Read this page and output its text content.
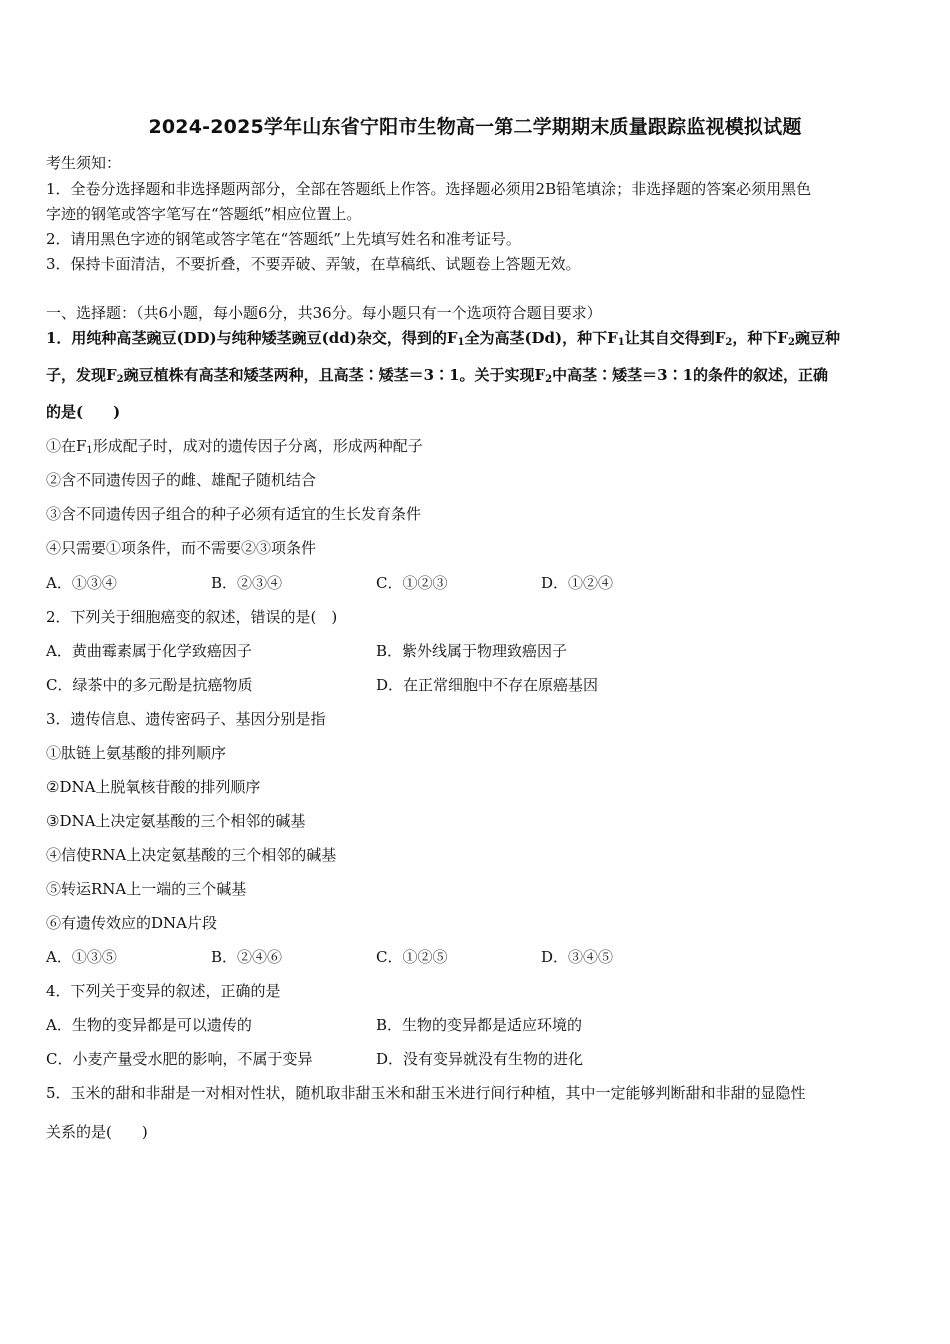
2024-2025学年山东省宁阳市生物高一第二学期期末质量跟踪监视模拟试题
考生须知：
1．全卷分选择题和非选择题两部分，全部在答题纸上作答。选择题必须用2B铅笔填涂；非选择题的答案必须用黑色
字迹的钢笔或答字笔写在“答题纸”相应位置上。
2．请用黑色字迹的钢笔或答字笔在“答题纸”上先填写姓名和准考证号。
3．保持卡面清洁，不要折叠，不要弄破、弄皱，在草稿纸、试题卷上答题无效。
一、选择题：（共6小题，每小题6分，共36分。每小题只有一个选项符合题目要求）
1．用纯种高茎豌豆(DD)与纯种矮茎豌豆(dd)杂交，得到的F1全为高茎(Dd)，种下F1让其自交得到F2，种下F2豌豆种
子，发现F2豌豆植株有高茎和矮茎两种，且高茎∶矮茎＝3∶1。关于实现F2中高茎∶矮茎＝3∶1的条件的叙述，正确
的是(　　)
①在F1形成配子时，成对的遗传因子分离，形成两种配子
②含不同遗传因子的雌、雄配子随机结合
③含不同遗传因子组合的种子必须有适宜的生长发育条件
④只需要①项条件，而不需要②③项条件
A．①③④	B．②③④	C．①②③	D．①②④
2．下列关于细胞癌变的叙述，错误的是(　)
A．黄曲霉素属于化学致癌因子	B．紫外线属于物理致癌因子
C．绿茶中的多元酚是抗癌物质	D．在正常细胞中不存在原癌基因
3．遗传信息、遗传密码子、基因分别是指
①肽链上氨基酸的排列顺序
②DNA上脱氧核苷酸的排列顺序
③DNA上决定氨基酸的三个相邻的碱基
④信使RNA上决定氨基酸的三个相邻的碱基
⑤转运RNA上一端的三个碱基
⑥有遗传效应的DNA片段
A．①③⑤	B．②④⑥	C．①②⑤	D．③④⑤
4．下列关于变异的叙述，正确的是
A．生物的变异都是可以遗传的	B．生物的变异都是适应环境的
C．小麦产量受水肥的影响，不属于变异	D．没有变异就没有生物的进化
5．玉米的甜和非甜是一对相对性状，随机取非甜玉米和甜玉米进行间行种植，其中一定能够判断甜和非甜的显隐性
关系的是(　　)
